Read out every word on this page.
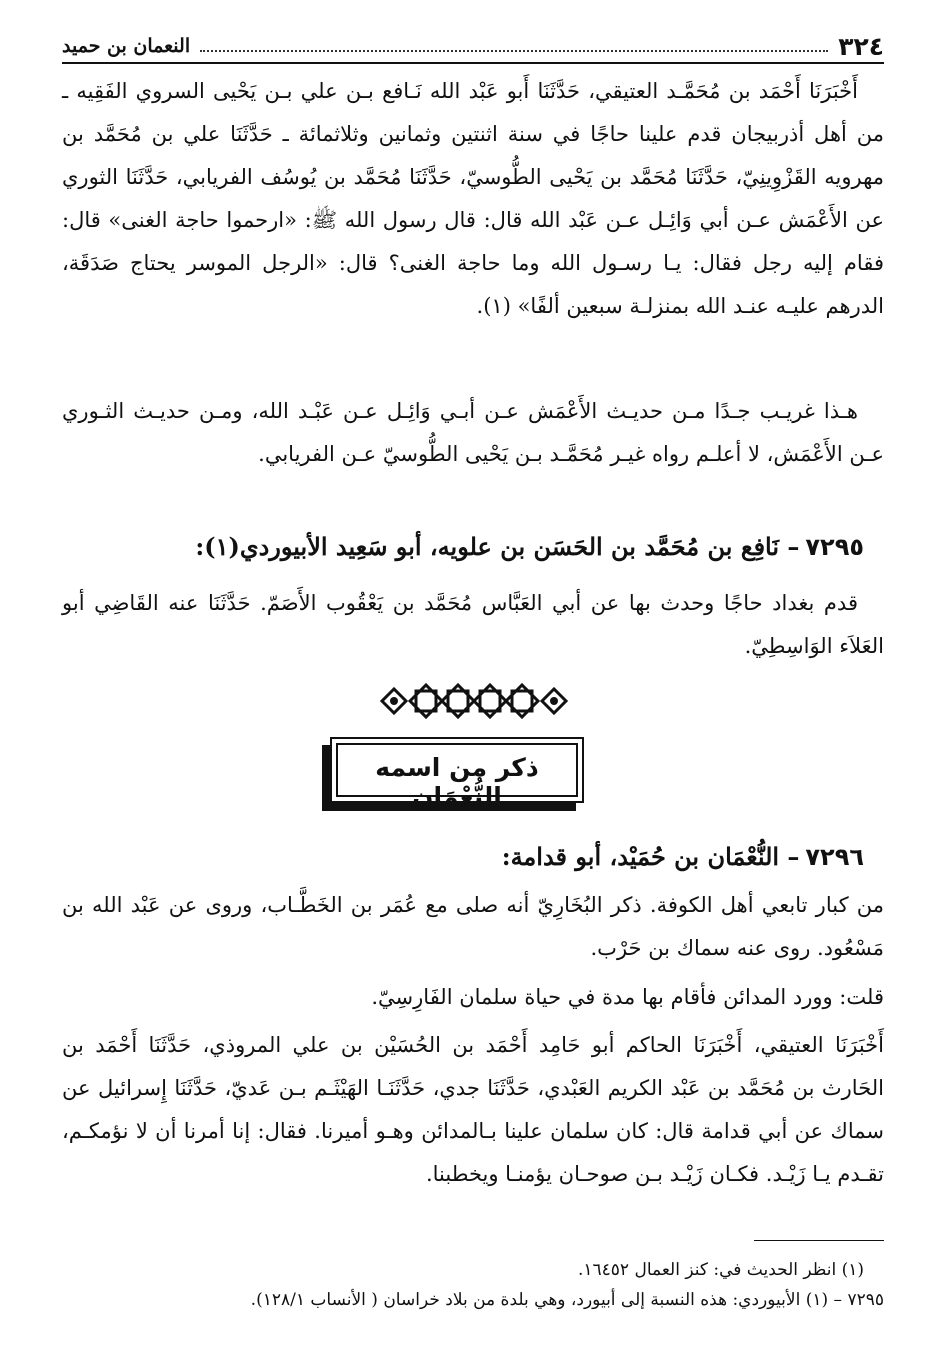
٣٢٤
النعمان بن حميد
أَخْبَرَنَا أَحْمَد بن مُحَمَّـد العتيقي، حَدَّثَنَا أَبو عَبْد الله نَـافع بـن علي بـن يَحْيى السروي الفَقِيه ـ من أهل أذربيجان قدم علينا حاجًا في سنة اثنتين وثمانين وثلاثمائة ـ حَدَّثَنَا علي بن مُحَمَّد بن مهرويه القَزْوِينِيّ، حَدَّثَنَا مُحَمَّد بن يَحْيى الطُّوسيّ، حَدَّثَنَا مُحَمَّد بن يُوسُف الفريابي، حَدَّثَنَا الثوري عن الأَعْمَش عـن أبي وَائِـل عـن عَبْد الله قال: قال رسول الله ﷺ: «ارحموا حاجة الغنى» قال: فقام إليه رجل فقال: يـا رسـول الله وما حاجة الغنى؟ قال: «الرجل الموسر يحتاج صَدَقَة، الدرهم عليـه عنـد الله بمنزلـة سبعين ألفًا» (١).
هـذا غريـب جـدًا مـن حديـث الأَعْمَش عـن أبـي وَائِـل عـن عَبْـد الله، ومـن حديـث الثـوري عـن الأَعْمَش، لا أعلـم رواه غيـر مُحَمَّـد بـن يَحْيى الطُّوسيّ عـن الفريابي.
٧٢٩٥– نَافِع بن مُحَمَّد بن الحَسَن بن علويه، أبو سَعِيد الأبيوردي(١):
قدم بغداد حاجًا وحدث بها عن أبي العَبَّاس مُحَمَّد بن يَعْقُوب الأَصَمّ. حَدَّثَنَا عنه القَاضِي أبو العَلاَء الوَاسِطِيّ.
ذكر من اسمه النُّعْمَان
٧٢٩٦– النُّعْمَان بن حُمَيْد، أبو قدامة:
من كبار تابعي أهل الكوفة. ذكر البُخَارِيّ أنه صلى مع عُمَر بن الخَطَّـاب، وروى عن عَبْد الله بن مَسْعُود. روى عنه سماك بن حَرْب.
قلت: وورد المدائن فأقام بها مدة في حياة سلمان الفَارِسِيّ.
أَخْبَرَنَا العتيقي، أَخْبَرَنَا الحاكم أبو حَامِد أَحْمَد بن الحُسَيْن بن علي المروذي، حَدَّثَنَا أَحْمَد بن الحَارث بن مُحَمَّد بن عَبْد الكريم العَبْدي، حَدَّثَنَا جدي، حَدَّثَنَـا الهَيْثَـم بـن عَديّ، حَدَّثَنَا إِسرائيل عن سماك عن أبي قدامة قال: كان سلمان علينا بـالمدائن وهـو أميرنا. فقال: إنا أمرنا أن لا نؤمكـم، تقـدم يـا زَيْـد. فكـان زَيْـد بـن صوحـان يؤمنـا ويخطبنا.
(١) انظر الحديث في: كنز العمال ١٦٤٥٢.
٧٢٩٥ – (١) الأبيوردي: هذه النسبة إلى أبيورد، وهي بلدة من بلاد خراسان ( الأنساب ١٢٨/١).
